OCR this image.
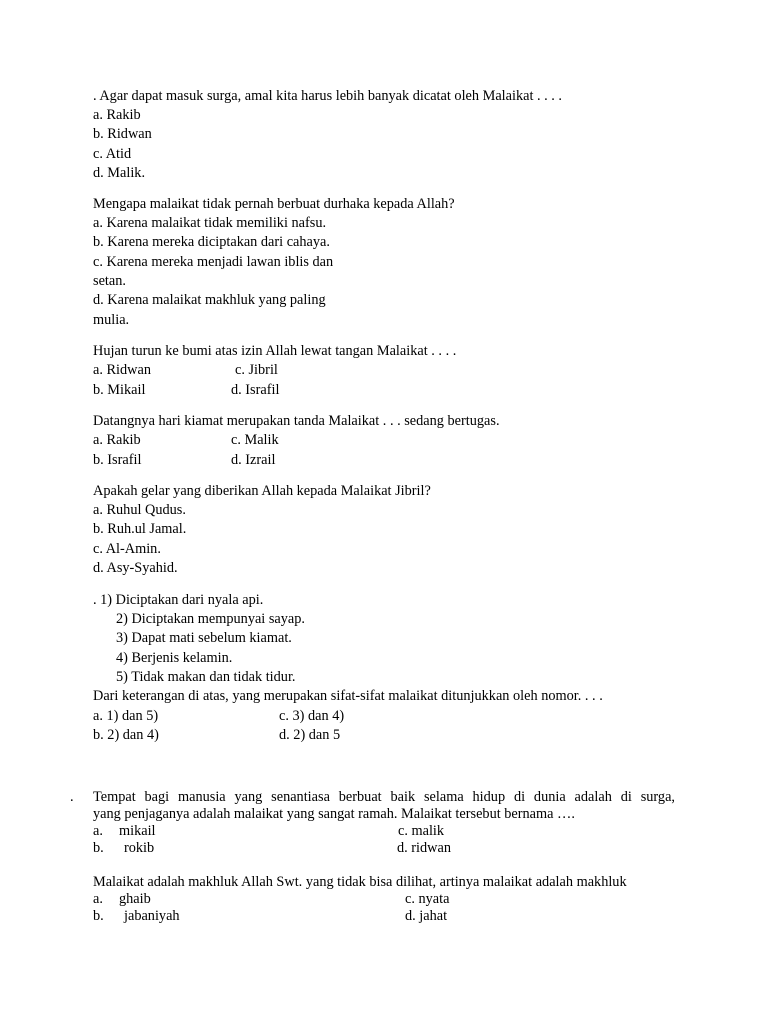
. Agar dapat masuk surga, amal kita harus lebih banyak dicatat oleh Malaikat . . . .
a. Rakib
b. Ridwan
c. Atid
d. Malik.
Mengapa malaikat tidak pernah berbuat durhaka kepada Allah?
a. Karena malaikat tidak memiliki nafsu.
b. Karena mereka diciptakan dari cahaya.
c. Karena mereka menjadi lawan iblis dan
setan.
d. Karena malaikat makhluk yang paling
mulia.
Hujan turun ke bumi atas izin Allah lewat tangan Malaikat . . . .
a. Ridwan	c. Jibril
b. Mikail	d. Israfil
Datangnya hari kiamat merupakan tanda Malaikat . . . sedang bertugas.
a. Rakib	c. Malik
b. Israfil	d. Izrail
Apakah gelar yang diberikan Allah kepada Malaikat Jibril?
a. Ruhul Qudus.
b. Ruh.ul Jamal.
c. Al-Amin.
d. Asy-Syahid.
. 1) Diciptakan dari nyala api.
2) Diciptakan mempunyai sayap.
3) Dapat mati sebelum kiamat.
4) Berjenis kelamin.
5) Tidak makan dan tidak tidur.
Dari keterangan di atas, yang merupakan sifat-sifat malaikat ditunjukkan oleh nomor. . . .
a. 1) dan 5)	c. 3) dan 4)
b. 2) dan 4)	d. 2) dan 5
. Tempat bagi manusia yang senantiasa berbuat baik selama hidup di dunia adalah di surga,
yang penjaganya adalah malaikat yang sangat ramah. Malaikat tersebut bernama ….
a. mikail	c. malik
b. rokib	d. ridwan
Malaikat adalah makhluk Allah Swt. yang tidak bisa dilihat, artinya malaikat adalah makhluk
a. ghaib	c. nyata
b. jabaniyah	d. jahat
